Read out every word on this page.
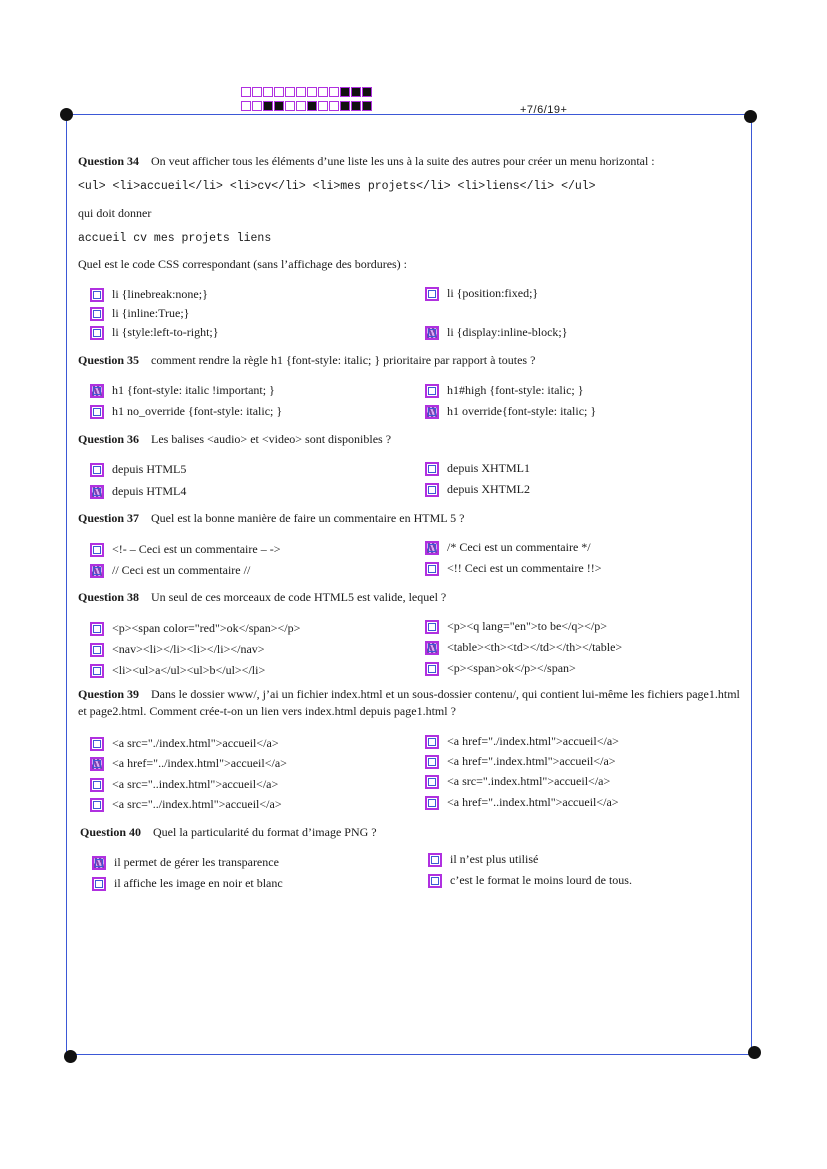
+7/6/19+
Question 34 On veut afficher tous les éléments d’une liste les uns à la suite des autres pour créer un menu horizontal :
<ul> <li>accueil</li> <li>cv</li> <li>mes projets</li> <li>liens</li> </ul>
qui doit donner
accueil cv mes projets liens
Quel est le code CSS correspondant (sans l’affichage des bordures) :
li {linebreak:none;}	li {position:fixed;}
li {inline:True;}
li {style:left-to-right;}	li {display:inline-block;}
Question 35 comment rendre la règle h1 {font-style: italic; } prioritaire par rapport à toutes ?
h1 {font-style: italic !important; }	h1#high {font-style: italic; }
h1 no_override {font-style: italic; }	h1 override{font-style: italic; }
Question 36 Les balises <audio> et <video> sont disponibles ?
depuis HTML5	depuis XHTML1
depuis HTML4	depuis XHTML2
Question 37 Quel est la bonne manière de faire un commentaire en HTML 5 ?
<!- – Ceci est un commentaire – ->	/* Ceci est un commentaire */
// Ceci est un commentaire //	<!! Ceci est un commentaire !!>
Question 38 Un seul de ces morceaux de code HTML5 est valide, lequel ?
<p><span color="red">ok</span></p>	<p><q lang="en">to be</q></p>
<nav><li></li><li></li></nav>	<table><th><td></td></th></table>
<li><ul>a</ul><ul>b</ul></li>	<p><span>ok</p></span>
Question 39 Dans le dossier www/, j’ai un fichier index.html et un sous-dossier contenu/, qui contient lui-même les fichiers page1.html et page2.html. Comment crée-t-on un lien vers index.html depuis page1.html ?
<a src="./index.html">accueil</a>	<a href="./index.html">accueil</a>
<a href="../index.html">accueil</a>	<a href=".index.html">accueil</a>
<a src="..index.html">accueil</a>	<a src=".index.html">accueil</a>
<a src="../index.html">accueil</a>	<a href="..index.html">accueil</a>
Question 40 Quel la particularité du format d’image PNG ?
il permet de gérer les transparence	il n’est plus utilisé
il affiche les image en noir et blanc	c’est le format le moins lourd de tous.
